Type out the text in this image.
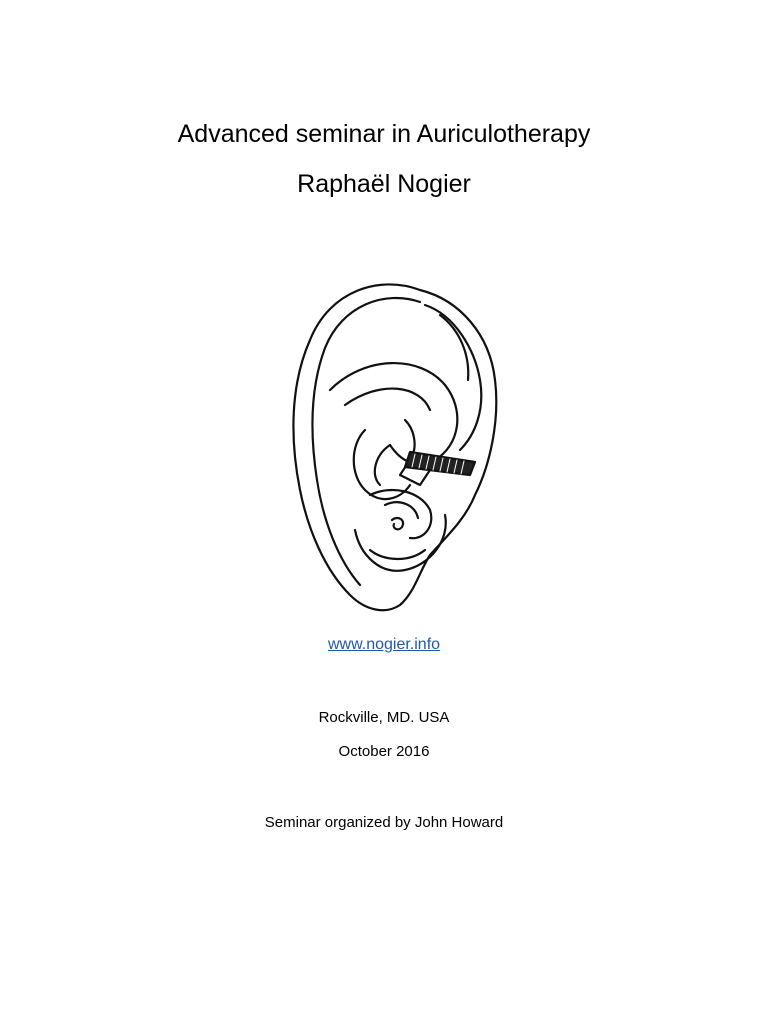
Advanced seminar in Auriculotherapy
Raphaël Nogier
www.nogier.info
Rockville, MD. USA
October 2016
Seminar organized by John Howard
